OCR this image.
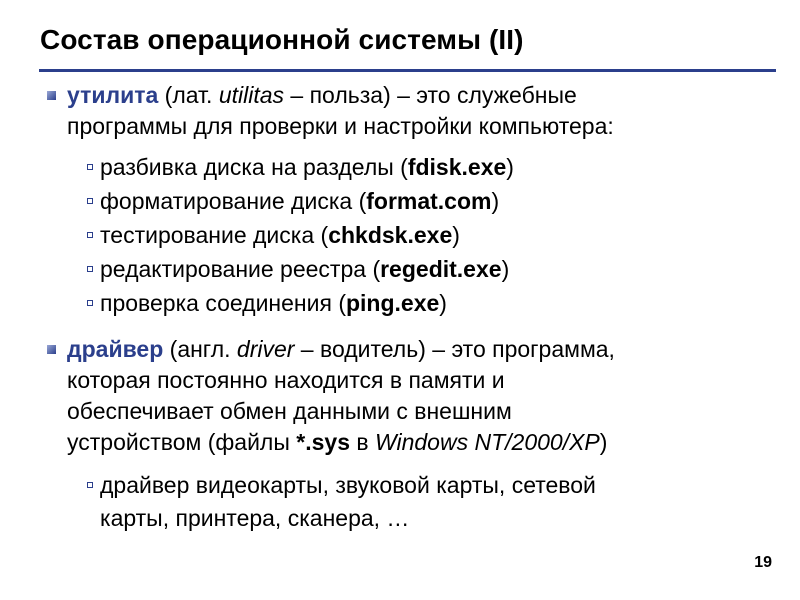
Состав операционной системы (II)
утилита (лат. utilitas – польза) – это служебные
программы для проверки и настройки компьютера:
разбивка диска на разделы (fdisk.exe)
форматирование диска (format.com)
тестирование диска (chkdsk.exe)
редактирование реестра (regedit.exe)
проверка соединения (ping.exe)
драйвер (англ. driver – водитель) – это программа,
которая постоянно находится в памяти и
обеспечивает обмен данными с внешним
устройством (файлы *.sys в Windows NT/2000/XP)
драйвер видеокарты, звуковой карты, сетевой
карты, принтера, сканера, …
19
